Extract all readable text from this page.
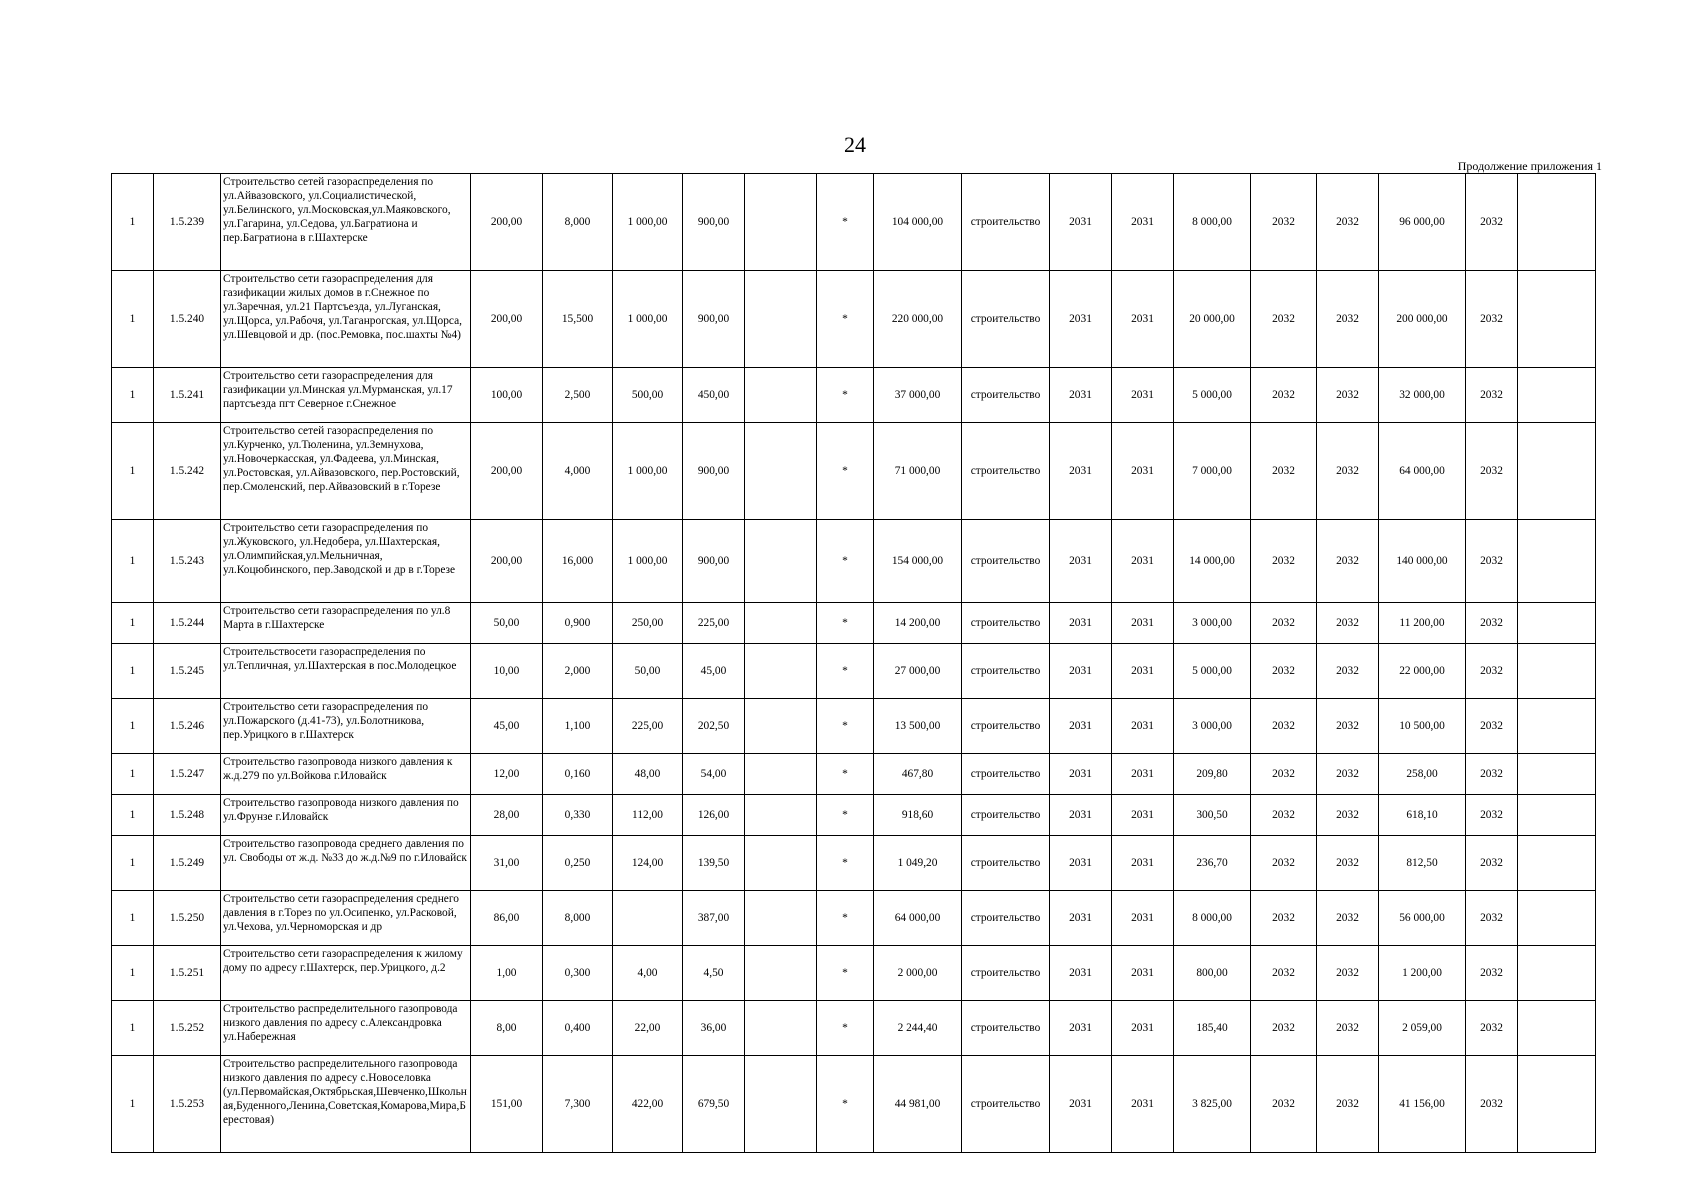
24
Продолжение приложения 1
1	1.5.239	Строительство сетей газораспределения по ул.Айвазовского, ул.Социалистической, ул.Белинского, ул.Московская,ул.Маяковского, ул.Гагарина, ул.Седова, ул.Багратиона и пер.Багратиона в г.Шахтерске	200,00	8,000	1 000,00	900,00		*	104 000,00	строительство	2031	2031	8 000,00	2032	2032	96 000,00	2032	
1	1.5.240	Строительство сети газораспределения для газификации жилых домов в г.Снежное по ул.Заречная, ул.21 Партсъезда, ул.Луганская, ул.Щорса, ул.Рабочя, ул.Таганрогская, ул.Щорса, ул.Шевцовой и др. (пос.Ремовка, пос.шахты №4)	200,00	15,500	1 000,00	900,00		*	220 000,00	строительство	2031	2031	20 000,00	2032	2032	200 000,00	2032	
1	1.5.241	Строительство сети газораспределения для газификации ул.Минская ул.Мурманская, ул.17 партсъезда пгт Северное г.Снежное	100,00	2,500	500,00	450,00		*	37 000,00	строительство	2031	2031	5 000,00	2032	2032	32 000,00	2032	
1	1.5.242	Строительство сетей газораспределения по ул.Курченко, ул.Тюленина, ул.Земнухова, ул.Новочеркасская, ул.Фадеева, ул.Минская, ул.Ростовская, ул.Айвазовского, пер.Ростовский, пер.Смоленский, пер.Айвазовский в г.Торезе	200,00	4,000	1 000,00	900,00		*	71 000,00	строительство	2031	2031	7 000,00	2032	2032	64 000,00	2032	
1	1.5.243	Строительство сети газораспределения по ул.Жуковского, ул.Недобера, ул.Шахтерская, ул.Олимпийская,ул.Мельничная, ул.Коцюбинского, пер.Заводской и др в г.Торезе	200,00	16,000	1 000,00	900,00		*	154 000,00	строительство	2031	2031	14 000,00	2032	2032	140 000,00	2032	
1	1.5.244	Строительство сети газораспределения по ул.8 Марта в г.Шахтерске	50,00	0,900	250,00	225,00		*	14 200,00	строительство	2031	2031	3 000,00	2032	2032	11 200,00	2032	
1	1.5.245	Строительствосети газораспределения по ул.Тепличная, ул.Шахтерская в пос.Молодецкое	10,00	2,000	50,00	45,00		*	27 000,00	строительство	2031	2031	5 000,00	2032	2032	22 000,00	2032	
1	1.5.246	Строительство сети газораспределения по ул.Пожарского (д.41-73), ул.Болотникова, пер.Урицкого в г.Шахтерск	45,00	1,100	225,00	202,50		*	13 500,00	строительство	2031	2031	3 000,00	2032	2032	10 500,00	2032	
1	1.5.247	Строительство газопровода низкого давления к ж.д.279 по ул.Войкова г.Иловайск	12,00	0,160	48,00	54,00		*	467,80	строительство	2031	2031	209,80	2032	2032	258,00	2032	
1	1.5.248	Строительство газопровода низкого давления по ул.Фрунзе г.Иловайск	28,00	0,330	112,00	126,00		*	918,60	строительство	2031	2031	300,50	2032	2032	618,10	2032	
1	1.5.249	Строительство газопровода среднего давления по ул. Свободы от ж.д. №33 до ж.д.№9 по г.Иловайск	31,00	0,250	124,00	139,50		*	1 049,20	строительство	2031	2031	236,70	2032	2032	812,50	2032	
1	1.5.250	Строительство сети газораспределения среднего давления в г.Торез по ул.Осипенко, ул.Расковой, ул.Чехова, ул.Черноморская и др	86,00	8,000		387,00		*	64 000,00	строительство	2031	2031	8 000,00	2032	2032	56 000,00	2032	
1	1.5.251	Строительство сети газораспределения к жилому дому по адресу г.Шахтерск, пер.Урицкого, д.2	1,00	0,300	4,00	4,50		*	2 000,00	строительство	2031	2031	800,00	2032	2032	1 200,00	2032	
1	1.5.252	Строительство распределительного газопровода низкого давления по адресу с.Александровка ул.Набережная	8,00	0,400	22,00	36,00		*	2 244,40	строительство	2031	2031	185,40	2032	2032	2 059,00	2032	
1	1.5.253	Строительство распределительного газопровода низкого давления по адресу с.Новоселовка (ул.Первомайская,Октябрьская,Шевченко,Школьная,Буденного,Ленина,Советская,Комарова,Мира,Берестовая)	151,00	7,300	422,00	679,50		*	44 981,00	строительство	2031	2031	3 825,00	2032	2032	41 156,00	2032	
